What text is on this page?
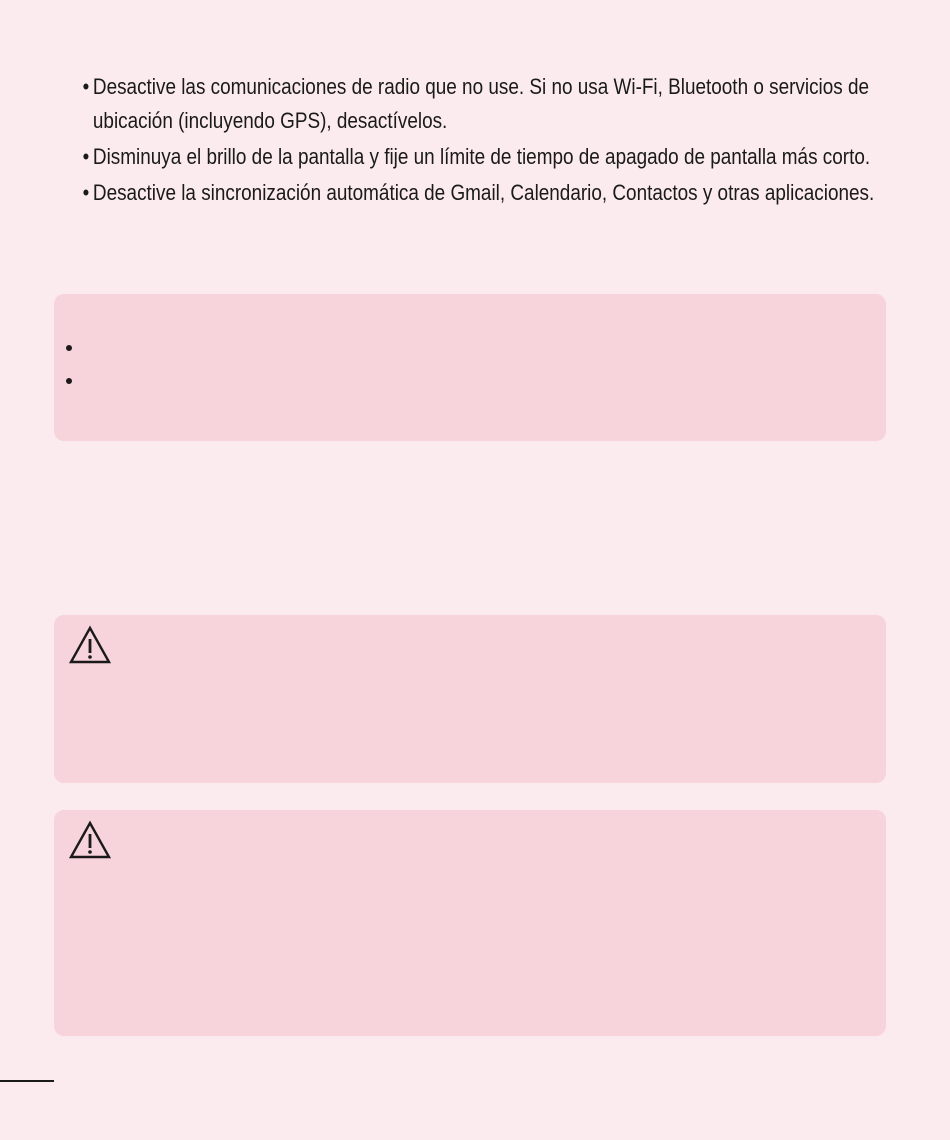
• Desactive las comunicaciones de radio que no use. Si no usa Wi-Fi, Bluetooth o servicios de ubicación (incluyendo GPS), desactívelos.
• Disminuya el brillo de la pantalla y fije un límite de tiempo de apagado de pantalla más corto.
• Desactive la sincronización automática de Gmail, Calendario, Contactos y otras aplicaciones.
